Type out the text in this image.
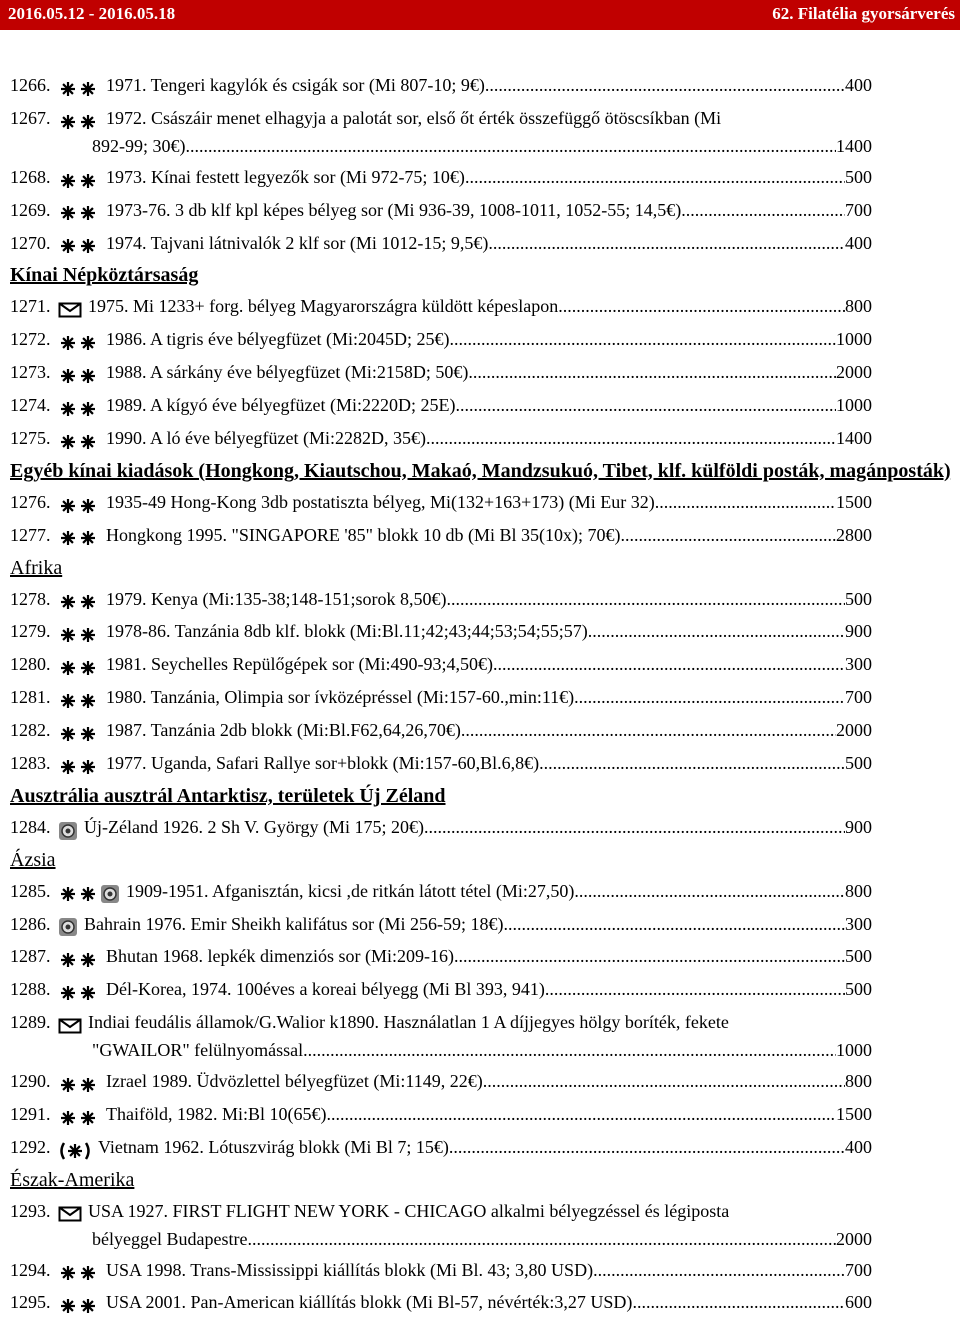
2016.05.12 - 2016.05.18	62. Filatélia gyorsárverés
1266.	1971. Tengeri kagylók és csigák sor (Mi 807-10; 9€) .....	400
1267.	1972. Császáir menet elhagyja a palotát sor, első őt érték összefüggő ötöscsíkban (Mi
892-99; 30€) .....	1400
1268.	1973. Kínai festett legyezők sor (Mi 972-75; 10€) .....	500
1269.	1973-76. 3 db klf kpl képes bélyeg sor (Mi 936-39, 1008-1011, 1052-55; 14,5€) .....	700
1270.	1974. Tajvani látnivalók 2 klf sor (Mi 1012-15; 9,5€) .....	400
Kínai Népköztársaság
1271. 1975. Mi 1233+ forg. bélyeg Magyarországra küldött képeslapon .....	800
1272.	1986. A tigris éve bélyegfüzet (Mi:2045D; 25€) .....	1000
1273.	1988. A sárkány éve bélyegfüzet (Mi:2158D; 50€) .....	2000
1274.	1989. A kígyó éve bélyegfüzet (Mi:2220D; 25E) .....	1000
1275.	1990. A ló éve bélyegfüzet (Mi:2282D, 35€) .....	1400
Egyéb kínai kiadások (Hongkong, Kiautschou, Makaó, Mandzsukuó, Tibet, klf. külföldi posták, magánposták)
1276.	1935-49 Hong-Kong 3db postatiszta bélyeg, Mi(132+163+173) (Mi Eur 32) .....	1500
1277.	Hongkong 1995. "SINGAPORE '85" blokk 10 db (Mi Bl 35(10x); 70€) .....	2800
Afrika
1278.	1979. Kenya (Mi:135-38;148-151;sorok 8,50€) .....	500
1279.	1978-86. Tanzánia 8db klf. blokk (Mi:Bl.11;42;43;44;53;54;55;57) .....	900
1280.	1981. Seychelles Repülőgépek sor (Mi:490-93;4,50€) .....	300
1281.	1980. Tanzánia, Olimpia sor ívközépréssel (Mi:157-60.,min:11€) .....	700
1282.	1987. Tanzánia 2db blokk (Mi:Bl.F62,64,26,70€) .....	2000
1283.	1977. Uganda, Safari Rallye sor+blokk (Mi:157-60,Bl.6,8€) .....	500
Ausztrália ausztrál Antarktisz, területek Új Zéland
1284. Új-Zéland 1926. 2 Sh V. György (Mi 175; 20€) .....	900
Ázsia
1285.	1909-1951. Afganisztán, kicsi ,de ritkán látott tétel (Mi:27,50) .....	800
1286. Bahrain 1976. Emir Sheikh kalifátus sor (Mi 256-59; 18€) .....	300
1287.	Bhutan 1968. lepkék dimenziós sor (Mi:209-16) .....	500
1288.	Dél-Korea, 1974. 100éves a koreai bélyegg (Mi Bl 393, 941) .....	500
1289. Indiai feudális államok/G.Walior k1890. Használatlan 1 A díjjegyes hölgy boríték, fekete
"GWAILOR" felülnyomással .....	1000
1290.	Izrael 1989. Üdvözlettel bélyegfüzet (Mi:1149, 22€) .....	800
1291.	Thaiföld, 1982. Mi:Bl 10(65€) .....	1500
1292.	Vietnam 1962. Lótuszvirág blokk (Mi Bl 7; 15€) .....	400
Észak-Amerika
1293. USA 1927. FIRST FLIGHT NEW YORK - CHICAGO alkalmi bélyegzéssel és légiposta
bélyeggel Budapestre .....	2000
1294.	USA 1998. Trans-Mississippi kiállítás blokk (Mi Bl. 43; 3,80 USD) .....	700
1295.	USA 2001. Pan-American kiállítás blokk (Mi Bl-57, névérték:3,27 USD) .....	600
